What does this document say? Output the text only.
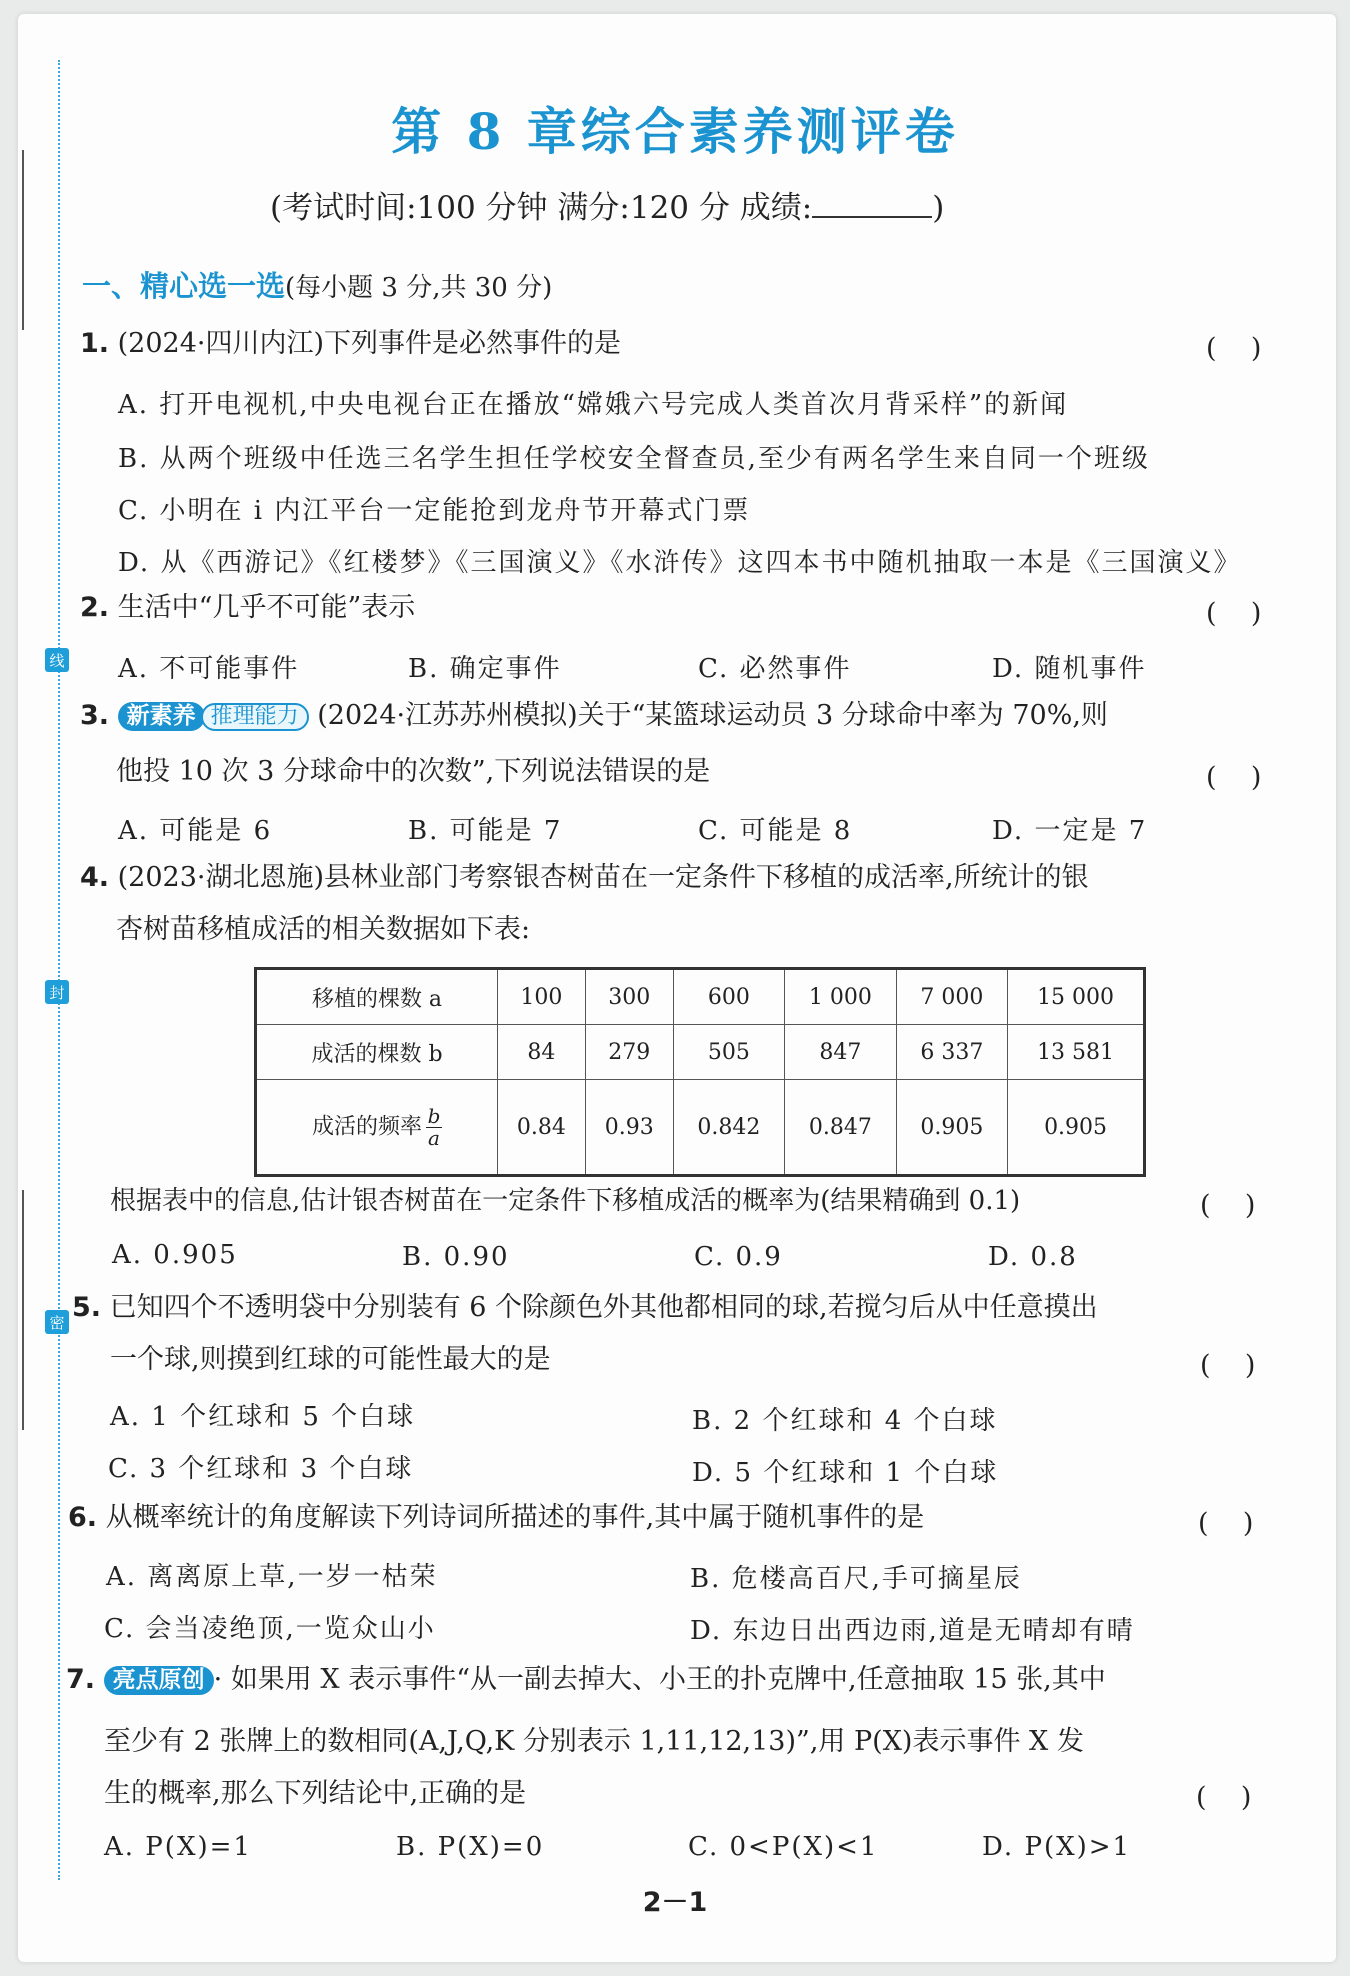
线
封
密
第 8 章综合素养测评卷
(考试时间:100 分钟 满分:120 分 成绩:	)
一、精心选一选(每小题 3 分,共 30 分)
1. (2024·四川内江)下列事件是必然事件的是	(    )
A. 打开电视机,中央电视台正在播放“嫦娥六号完成人类首次月背采样”的新闻
B. 从两个班级中任选三名学生担任学校安全督查员,至少有两名学生来自同一个班级
C. 小明在 i 内江平台一定能抢到龙舟节开幕式门票
D. 从《西游记》《红楼梦》《三国演义》《水浒传》这四本书中随机抽取一本是《三国演义》
2. 生活中“几乎不可能”表示	(    )
A. 不可能事件	B. 确定事件	C. 必然事件	D. 随机事件
3. 新素养 推理能力 (2024·江苏苏州模拟)关于“某篮球运动员 3 分球命中率为 70%,则
他投 10 次 3 分球命中的次数”,下列说法错误的是	(    )
A. 可能是 6	B. 可能是 7	C. 可能是 8	D. 一定是 7
4. (2023·湖北恩施)县林业部门考察银杏树苗在一定条件下移植的成活率,所统计的银
杏树苗移植成活的相关数据如下表:
移植的棵数 a	100	300	600	1 000	7 000	15 000
成活的棵数 b	84	279	505	847	6 337	13 581
成活的频率 $\frac{b}{a}$	0.84	0.93	0.842	0.847	0.905	0.905
根据表中的信息,估计银杏树苗在一定条件下移植成活的概率为(结果精确到 0.1)	(    )
A. 0.905	B. 0.90	C. 0.9	D. 0.8
5. 已知四个不透明袋中分别装有 6 个除颜色外其他都相同的球,若搅匀后从中任意摸出
一个球,则摸到红球的可能性最大的是	(    )
A. 1 个红球和 5 个白球	B. 2 个红球和 4 个白球
C. 3 个红球和 3 个白球	D. 5 个红球和 1 个白球
6. 从概率统计的角度解读下列诗词所描述的事件,其中属于随机事件的是	(    )
A. 离离原上草,一岁一枯荣	B. 危楼高百尺,手可摘星辰
C. 会当凌绝顶,一览众山小	D. 东边日出西边雨,道是无晴却有晴
7. 亮点原创 · 如果用 X 表示事件“从一副去掉大、小王的扑克牌中,任意抽取 15 张,其中
至少有 2 张牌上的数相同(A,J,Q,K 分别表示 1,11,12,13)”,用 P(X)表示事件 X 发
生的概率,那么下列结论中,正确的是	(    )
A. P(X)=1	B. P(X)=0	C. 0<P(X)<1	D. P(X)>1
2－1
